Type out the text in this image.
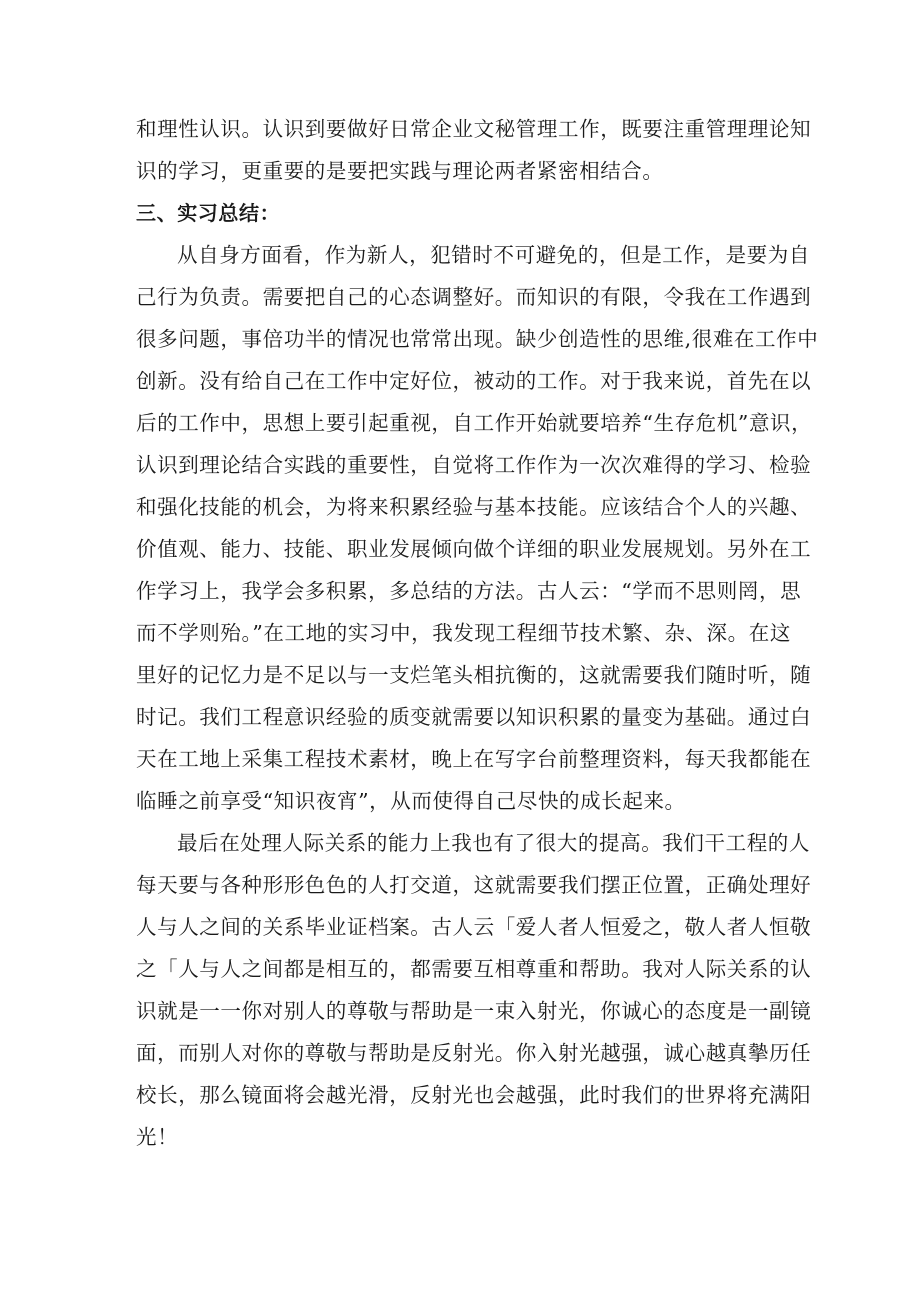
和理性认识。认识到要做好日常企业文秘管理工作，既要注重管理理论知
识的学习，更重要的是要把实践与理论两者紧密相结合。
三、实习总结：
从自身方面看，作为新人，犯错时不可避免的，但是工作，是要为自
己行为负责。需要把自己的心态调整好。而知识的有限，令我在工作遇到
很多问题，事倍功半的情况也常常出现。缺少创造性的思维,很难在工作中
创新。没有给自己在工作中定好位，被动的工作。对于我来说，首先在以
后的工作中，思想上要引起重视，自工作开始就要培养“生存危机”意识，
认识到理论结合实践的重要性，自觉将工作作为一次次难得的学习、检验
和强化技能的机会，为将来积累经验与基本技能。应该结合个人的兴趣、
价值观、能力、技能、职业发展倾向做个详细的职业发展规划。另外在工
作学习上，我学会多积累，多总结的方法。古人云：“学而不思则罔，思
而不学则殆。”在工地的实习中，我发现工程细节技术繁、杂、深。在这
里好的记忆力是不足以与一支烂笔头相抗衡的，这就需要我们随时听，随
时记。我们工程意识经验的质变就需要以知识积累的量变为基础。通过白
天在工地上采集工程技术素材，晚上在写字台前整理资料，每天我都能在
临睡之前享受“知识夜宵”，从而使得自己尽快的成长起来。
最后在处理人际关系的能力上我也有了很大的提高。我们干工程的人
每天要与各种形形色色的人打交道，这就需要我们摆正位置，正确处理好
人与人之间的关系毕业证档案。古人云「爱人者人恒爱之，敬人者人恒敬
之「人与人之间都是相互的，都需要互相尊重和帮助。我对人际关系的认
识就是一一你对别人的尊敬与帮助是一束入射光，你诚心的态度是一副镜
面，而别人对你的尊敬与帮助是反射光。你入射光越强，诚心越真摰历任
校长，那么镜面将会越光滑，反射光也会越强，此时我们的世界将充满阳
光！
